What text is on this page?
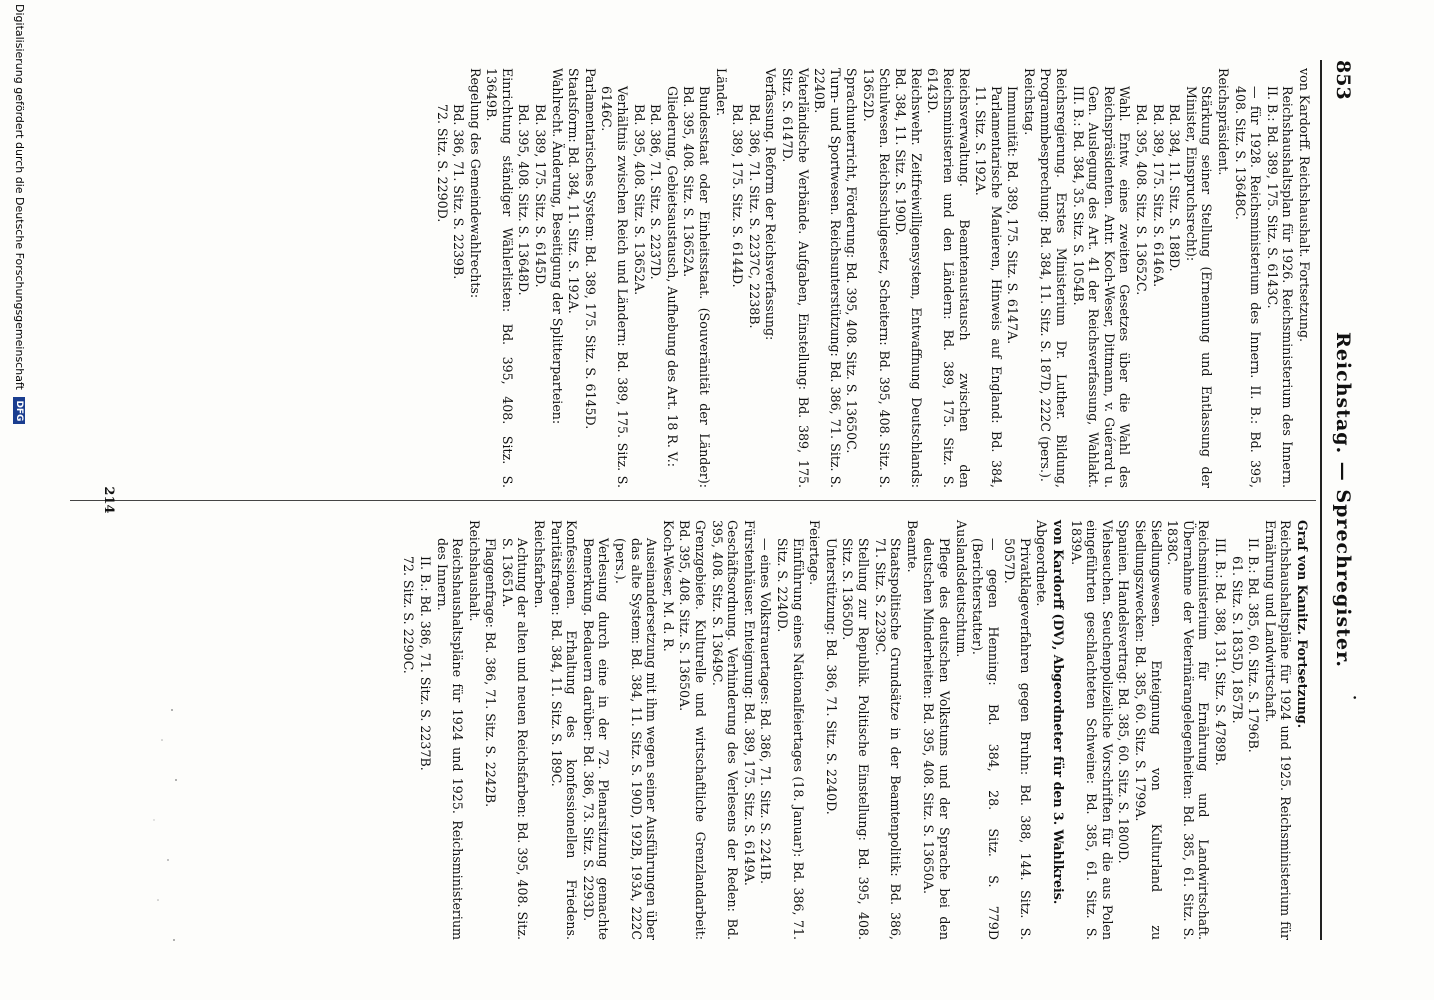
853
Reichstag. — Sprechregister.
·
von Kardorff. Reichshaushalt. Fortsetzung.
Reichshaushaltsplan für 1926. Reichsministerium des Innern. II. B.: Bd. 389, 175. Sitz. S. 6143C.
— für 1928. Reichsministerium des Innern. II. B.: Bd. 395, 408. Sitz. S. 13648C.
Reichspräsident.
Stärkung seiner Stellung (Ernennung und Entlassung der Minister, Einspruchsrecht):
Bd. 384, 11. Sitz. S. 188D.
Bd. 389, 175. Sitz. S. 6146A.
Bd. 395, 408. Sitz. S. 13652C.
Wahl. Entw. eines zweiten Gesetzes über die Wahl des Reichspräsidenten. Antr. Koch-Weser, Dittmann, v. Guérard u. Gen. Auslegung des Art. 41 der Reichsverfassung, Wahlakt. III. B.: Bd. 384, 35. Sitz. S. 1054B.
Reichsregierung. Erstes Ministerium Dr. Luther. Bildung, Programmbesprechung: Bd. 384, 11. Sitz. S. 187D, 222C (pers.).
Reichstag.
Immunität: Bd. 389, 175. Sitz. S. 6147A.
Parlamentarische Manieren, Hinweis auf England: Bd. 384, 11. Sitz. S. 192A.
Reichsverwaltung. Beamtenaustausch zwischen den Reichsministerien und den Ländern: Bd. 389, 175. Sitz. S. 6143D.
Reichswehr. Zeitfreiwilligensystem, Entwaffnung Deutschlands: Bd. 384, 11. Sitz. S. 190D.
Schulwesen. Reichsschulgesetz, Scheitern: Bd. 395, 408. Sitz. S. 13652D.
Sprachunterricht, Förderung: Bd. 395, 408. Sitz. S. 13650C.
Turn- und Sportwesen. Reichsunterstützung: Bd. 386, 71. Sitz. S. 2240B.
Vaterländische Verbände. Aufgaben, Einstellung: Bd. 389, 175. Sitz. S. 6147D.
Verfassung. Reform der Reichsverfassung:
Bd. 386, 71. Sitz. S. 2237C, 2238B.
Bd. 389, 175. Sitz. S. 6144D.
Länder.
Bundesstaat oder Einheitsstaat. (Souveränität der Länder): Bd. 395, 408. Sitz. S. 13652A.
Gliederung, Gebietsaustausch, Aufhebung des Art. 18 R. V.:
Bd. 386, 71. Sitz. S. 2237D.
Bd. 395, 408. Sitz. S. 13652A.
Verhältnis zwischen Reich und Ländern: Bd. 389, 175. Sitz. S. 6146C.
Parlamentarisches System: Bd. 389, 175. Sitz. S. 6145D.
Staatsform: Bd. 384, 11. Sitz. S. 192A.
Wahlrecht. Änderung, Beseitigung der Splitterparteien:
Bd. 389, 175. Sitz. S. 6145D.
Bd. 395, 408. Sitz. S. 13648D.
Einrichtung ständiger Wählerlisten: Bd. 395, 408. Sitz. S. 13649B.
Regelung des Gemeindewahlrechts:
Bd. 386, 71. Sitz. S. 2239B.
72. Sitz. S. 2290D.
Graf von Kanitz. Fortsetzung.
Reichshaushaltspläne für 1924 und 1925. Reichsministerium für Ernährung und Landwirtschaft.
II. B.: Bd. 385, 60. Sitz. S. 1796B.
61. Sitz. S. 1835D, 1857B.
III. B.: Bd. 388, 131. Sitz. S. 4789B.
Reichsministerium für Ernährung und Landwirtschaft. Übernahme der Veterinärangelegenheiten: Bd. 385, 61. Sitz. S. 1838C.
Siedlungswesen. Enteignung von Kulturland zu Siedlungszwecken: Bd. 385, 60. Sitz. S. 1799A.
Spanien. Handelsvertrag: Bd. 385, 60. Sitz. S. 1800D.
Viehseuchen. Seuchenpolizeiliche Vorschriften für die aus Polen eingeführten geschlachteten Schweine: Bd. 385, 61. Sitz. S. 1839A.
von Kardorff (DV), Abgeordneter für den 3. Wahlkreis.
Abgeordnete.
Privatklageverfahren gegen Bruhn: Bd. 388, 144. Sitz. S. 5057D.
— gegen Henning: Bd. 384, 28. Sitz. S. 779D (Berichterstatter).
Auslandsdeutschtum.
Pflege des deutschen Volkstums und der Sprache bei den deutschen Minderheiten: Bd. 395, 408. Sitz. S. 13650A.
Beamte.
Staatspolitische Grundsätze in der Beamtenpolitik: Bd. 386, 71. Sitz. S. 2239C.
Stellung zur Republik. Politische Einstellung: Bd. 395, 408. Sitz. S. 13650D.
Unterstützung: Bd. 386, 71. Sitz. S. 2240D.
Feiertage.
Einführung eines Nationalfeiertages (18. Januar): Bd. 386, 71. Sitz. S. 2240D.
— eines Volkstrauertages: Bd. 386, 71. Sitz. S. 2241B.
Fürstenhäuser. Enteignung: Bd. 389, 175. Sitz. S. 6149A.
Geschäftsordnung. Verhinderung des Verlesens der Reden: Bd. 395, 408. Sitz. S. 13649C.
Grenzgebiete. Kulturelle und wirtschaftliche Grenzlandarbeit: Bd. 395, 408. Sitz. S. 13650A.
Koch-Weser, M. d. R.
Auseinandersetzung mit ihm wegen seiner Ausführungen über das alte System: Bd. 384, 11. Sitz. S. 190D, 192B, 193A, 222C (pers.).
Verlesung durch eine in der 72. Plenarsitzung gemachte Bemerkung. Bedauern darüber: Bd. 386, 73. Sitz. S. 2293D.
Konfessionen. Erhaltung des konfessionellen Friedens. Paritätsfragen: Bd. 384, 11. Sitz. S. 189C.
Reichsfarben.
Achtung der alten und neuen Reichsfarben: Bd. 395, 408. Sitz. S. 13651A.
Flaggenfrage: Bd. 386, 71. Sitz. S. 2242B.
Reichshaushalt.
Reichshaushaltspläne für 1924 und 1925. Reichsministerium des Innern.
II. B.: Bd. 386, 71. Sitz. S. 2237B.
72. Sitz. S. 2290C.
214
Digitalisierung gefördert durch die Deutsche Forschungsgemeinschaft DFG
